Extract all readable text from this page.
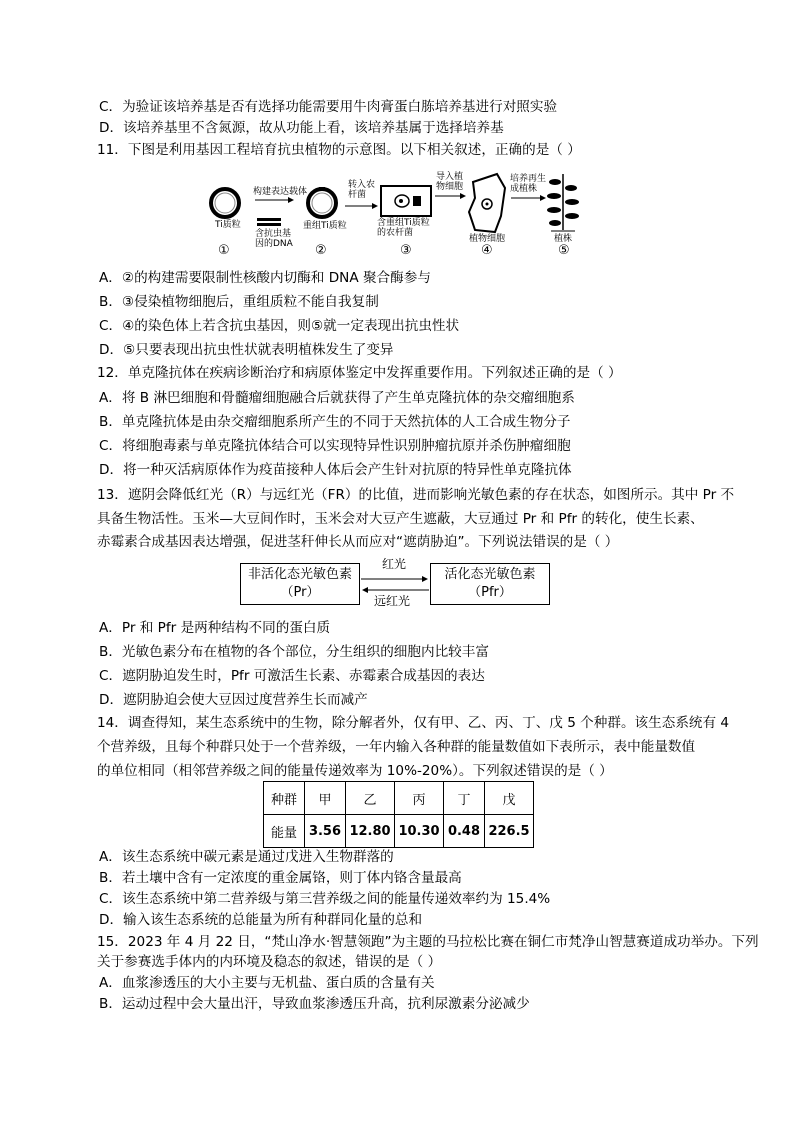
C．为验证该培养基是否有选择功能需要用牛肉膏蛋白胨培养基进行对照实验

D．该培养基里不含氮源，故从功能上看，该培养基属于选择培养基

11．下图是利用基因工程培育抗虫植物的示意图。以下相关叙述，正确的是（ ）

Ti质粒
构建表达载体
含抗虫基
因的DNA
重组Ti质粒
转入农
杆菌
含重组Ti质粒
的农杆菌
导入植
物细胞
植物细胞
培养再生
成植株
植株
①	②	③	④	⑤

A．②的构建需要限制性核酸内切酶和 DNA 聚合酶参与

B．③侵染植物细胞后，重组质粒不能自我复制

C．④的染色体上若含抗虫基因，则⑤就一定表现出抗虫性状

D．⑤只要表现出抗虫性状就表明植株发生了变异

12．单克隆抗体在疾病诊断治疗和病原体鉴定中发挥重要作用。下列叙述正确的是（ ）

A．将 B 淋巴细胞和骨髓瘤细胞融合后就获得了产生单克隆抗体的杂交瘤细胞系

B．单克隆抗体是由杂交瘤细胞系所产生的不同于天然抗体的人工合成生物分子

C．将细胞毒素与单克隆抗体结合可以实现特异性识别肿瘤抗原并杀伤肿瘤细胞

D．将一种灭活病原体作为疫苗接种人体后会产生针对抗原的特异性单克隆抗体

13．遮阴会降低红光（R）与远红光（FR）的比值，进而影响光敏色素的存在状态，如图所示。其中 Pr 不

具备生物活性。玉米—大豆间作时，玉米会对大豆产生遮蔽，大豆通过 Pr 和 Pfr 的转化，使生长素、

赤霉素合成基因表达增强，促进茎秆伸长从而应对“遮荫胁迫”。下列说法错误的是（ ）

非活化态光敏色素
（Pr）
活化态光敏色素
（Pfr）
红光
远红光

A．Pr 和 Pfr 是两种结构不同的蛋白质

B．光敏色素分布在植物的各个部位，分生组织的细胞内比较丰富

C．遮阴胁迫发生时，Pfr 可激活生长素、赤霉素合成基因的表达

D．遮阴胁迫会使大豆因过度营养生长而减产

14．调查得知，某生态系统中的生物，除分解者外，仅有甲、乙、丙、丁、戊 5 个种群。该生态系统有 4

个营养级，且每个种群只处于一个营养级，一年内输入各种群的能量数值如下表所示，表中能量数值

的单位相同（相邻营养级之间的能量传递效率为 10%-20%）。下列叙述错误的是（ ）

种群	甲	乙	丙	丁	戊
能量	3.56	12.80	10.30	0.48	226.5

A．该生态系统中碳元素是通过戊进入生物群落的

B．若土壤中含有一定浓度的重金属铬，则丁体内铬含量最高

C．该生态系统中第二营养级与第三营养级之间的能量传递效率约为 15.4%

D．输入该生态系统的总能量为所有种群同化量的总和

15．2023 年 4 月 22 日，“梵山净水·智慧领跑”为主题的马拉松比赛在铜仁市梵净山智慧赛道成功举办。下列

关于参赛选手体内的内环境及稳态的叙述，错误的是（ ）

A．血浆渗透压的大小主要与无机盐、蛋白质的含量有关

B．运动过程中会大量出汗，导致血浆渗透压升高，抗利尿激素分泌减少
